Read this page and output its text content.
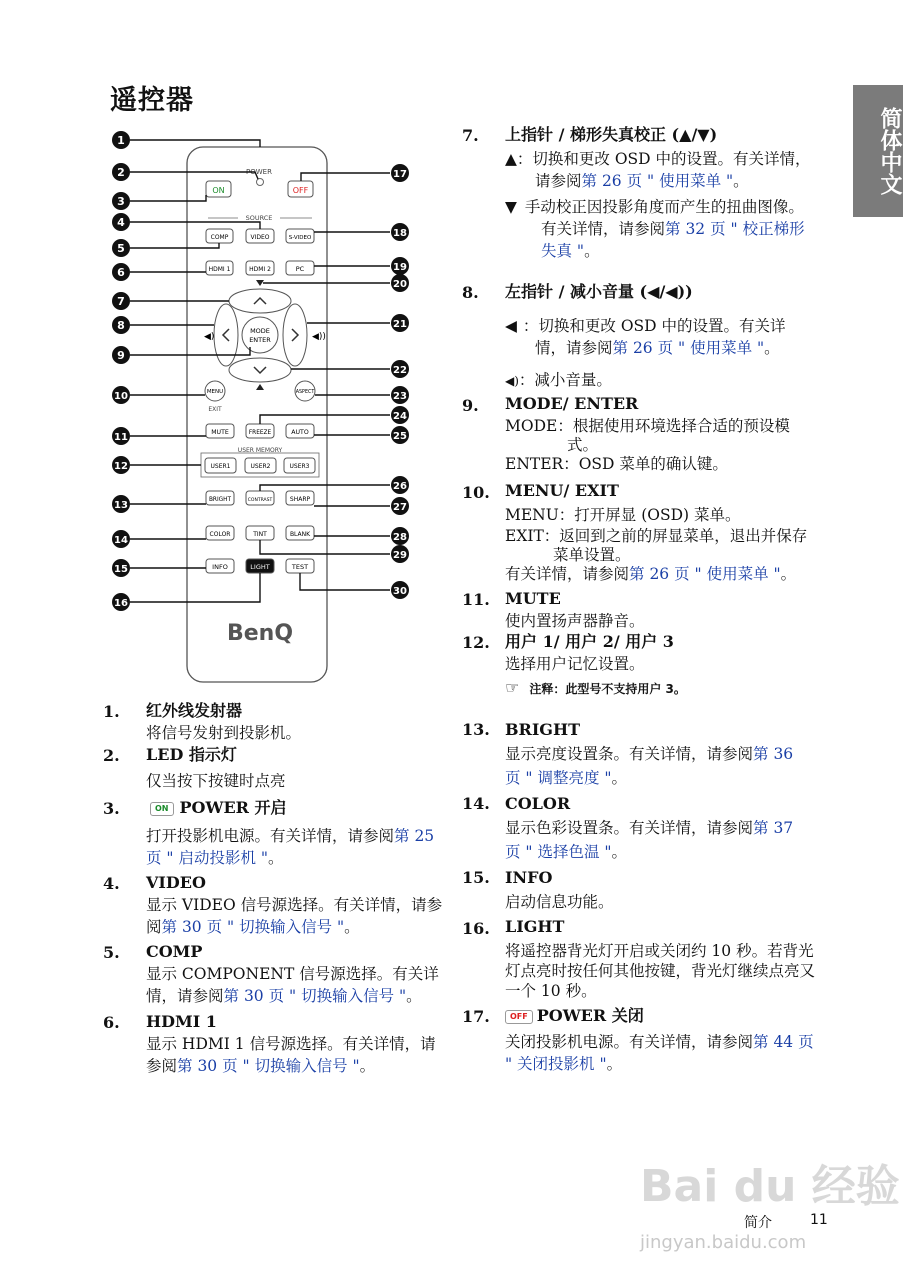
遥控器
简体中文
POWER
ON	OFF
SOURCE
COMP	VIDEO	S-VIDEO
HDMI 1	HDMI 2	PC
MODE
ENTER
◀)	◀))
MENU
EXIT
ASPECT
MUTE	FREEZE	AUTO
USER MEMORY
USER1	USER2	USER3
BRIGHT	CONTRAST	SHARP
COLOR	TINT	BLANK
INFO	LIGHT	TEST
BenQ
1
2
3
4
5
6
7
8
9
10
11
12
13
14
15
16
17
18
19
20
21
22
23
24
25
26
27
28
29
30
1. 红外线发射器
将信号发射到投影机。
2. LED 指示灯
仅当按下按键时点亮
3.	ON POWER 开启
打开投影机电源。有关详情，请参阅第 25 页 " 启动投影机 "。
4. VIDEO
显示 VIDEO 信号源选择。有关详情，请参阅第 30 页 " 切换输入信号 "。
5. COMP
显示 COMPONENT 信号源选择。有关详情，请参阅第 30 页 " 切换输入信号 "。
6. HDMI 1
显示 HDMI 1 信号源选择。有关详情，请参阅第 30 页 " 切换输入信号 "。
7. 上指针 / 梯形失真校正 (▲/▼)
▲：切换和更改 OSD 中的设置。有关详情，请参阅第 26 页 " 使用菜单 "。
▼ 手动校正因投影角度而产生的扭曲图像。有关详情，请参阅第 32 页 " 校正梯形失真 "。
8. 左指针 / 减小音量 (◀/◀))
◀ ：切换和更改 OSD 中的设置。有关详情，请参阅第 26 页 " 使用菜单 "。
◀)：减小音量。
9. MODE/ ENTER
MODE：根据使用环境选择合适的预设模式。
ENTER：OSD 菜单的确认键。
10. MENU/ EXIT
MENU：打开屏显 (OSD) 菜单。
EXIT：返回到之前的屏显菜单，退出并保存菜单设置。
有关详情，请参阅第 26 页 " 使用菜单 "。
11. MUTE
使内置扬声器静音。
12. 用户 1/ 用户 2/ 用户 3
选择用户记忆设置。
☞ 注释：此型号不支持用户 3。
13. BRIGHT
显示亮度设置条。有关详情，请参阅第 36 页 " 调整亮度 "。
14. COLOR
显示色彩设置条。有关详情，请参阅第 37 页 " 选择色温 "。
15. INFO
启动信息功能。
16. LIGHT
将遥控器背光灯开启或关闭约 10 秒。若背光灯点亮时按任何其他按键，背光灯继续点亮又一个 10 秒。
17.	OFF POWER 关闭
关闭投影机电源。有关详情，请参阅第 44 页 " 关闭投影机 "。
Bai du 经验
jingyan.baidu.com
简介	11
